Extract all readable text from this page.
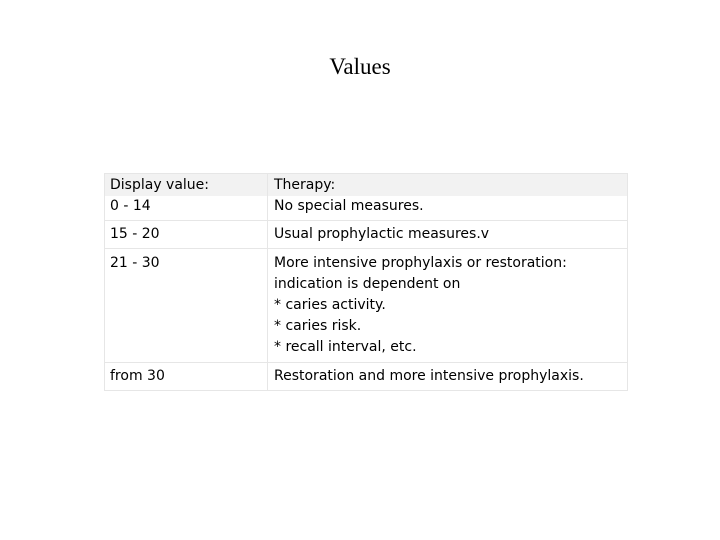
Values
Display value:	Therapy:
0 - 14	No special measures.

15 - 20	Usual prophylactic measures.v

21 - 30	More intensive prophylaxis or restoration:
indication is dependent on
* caries activity.
* caries risk.
* recall interval, etc.

from 30	Restoration and more intensive prophylaxis.
